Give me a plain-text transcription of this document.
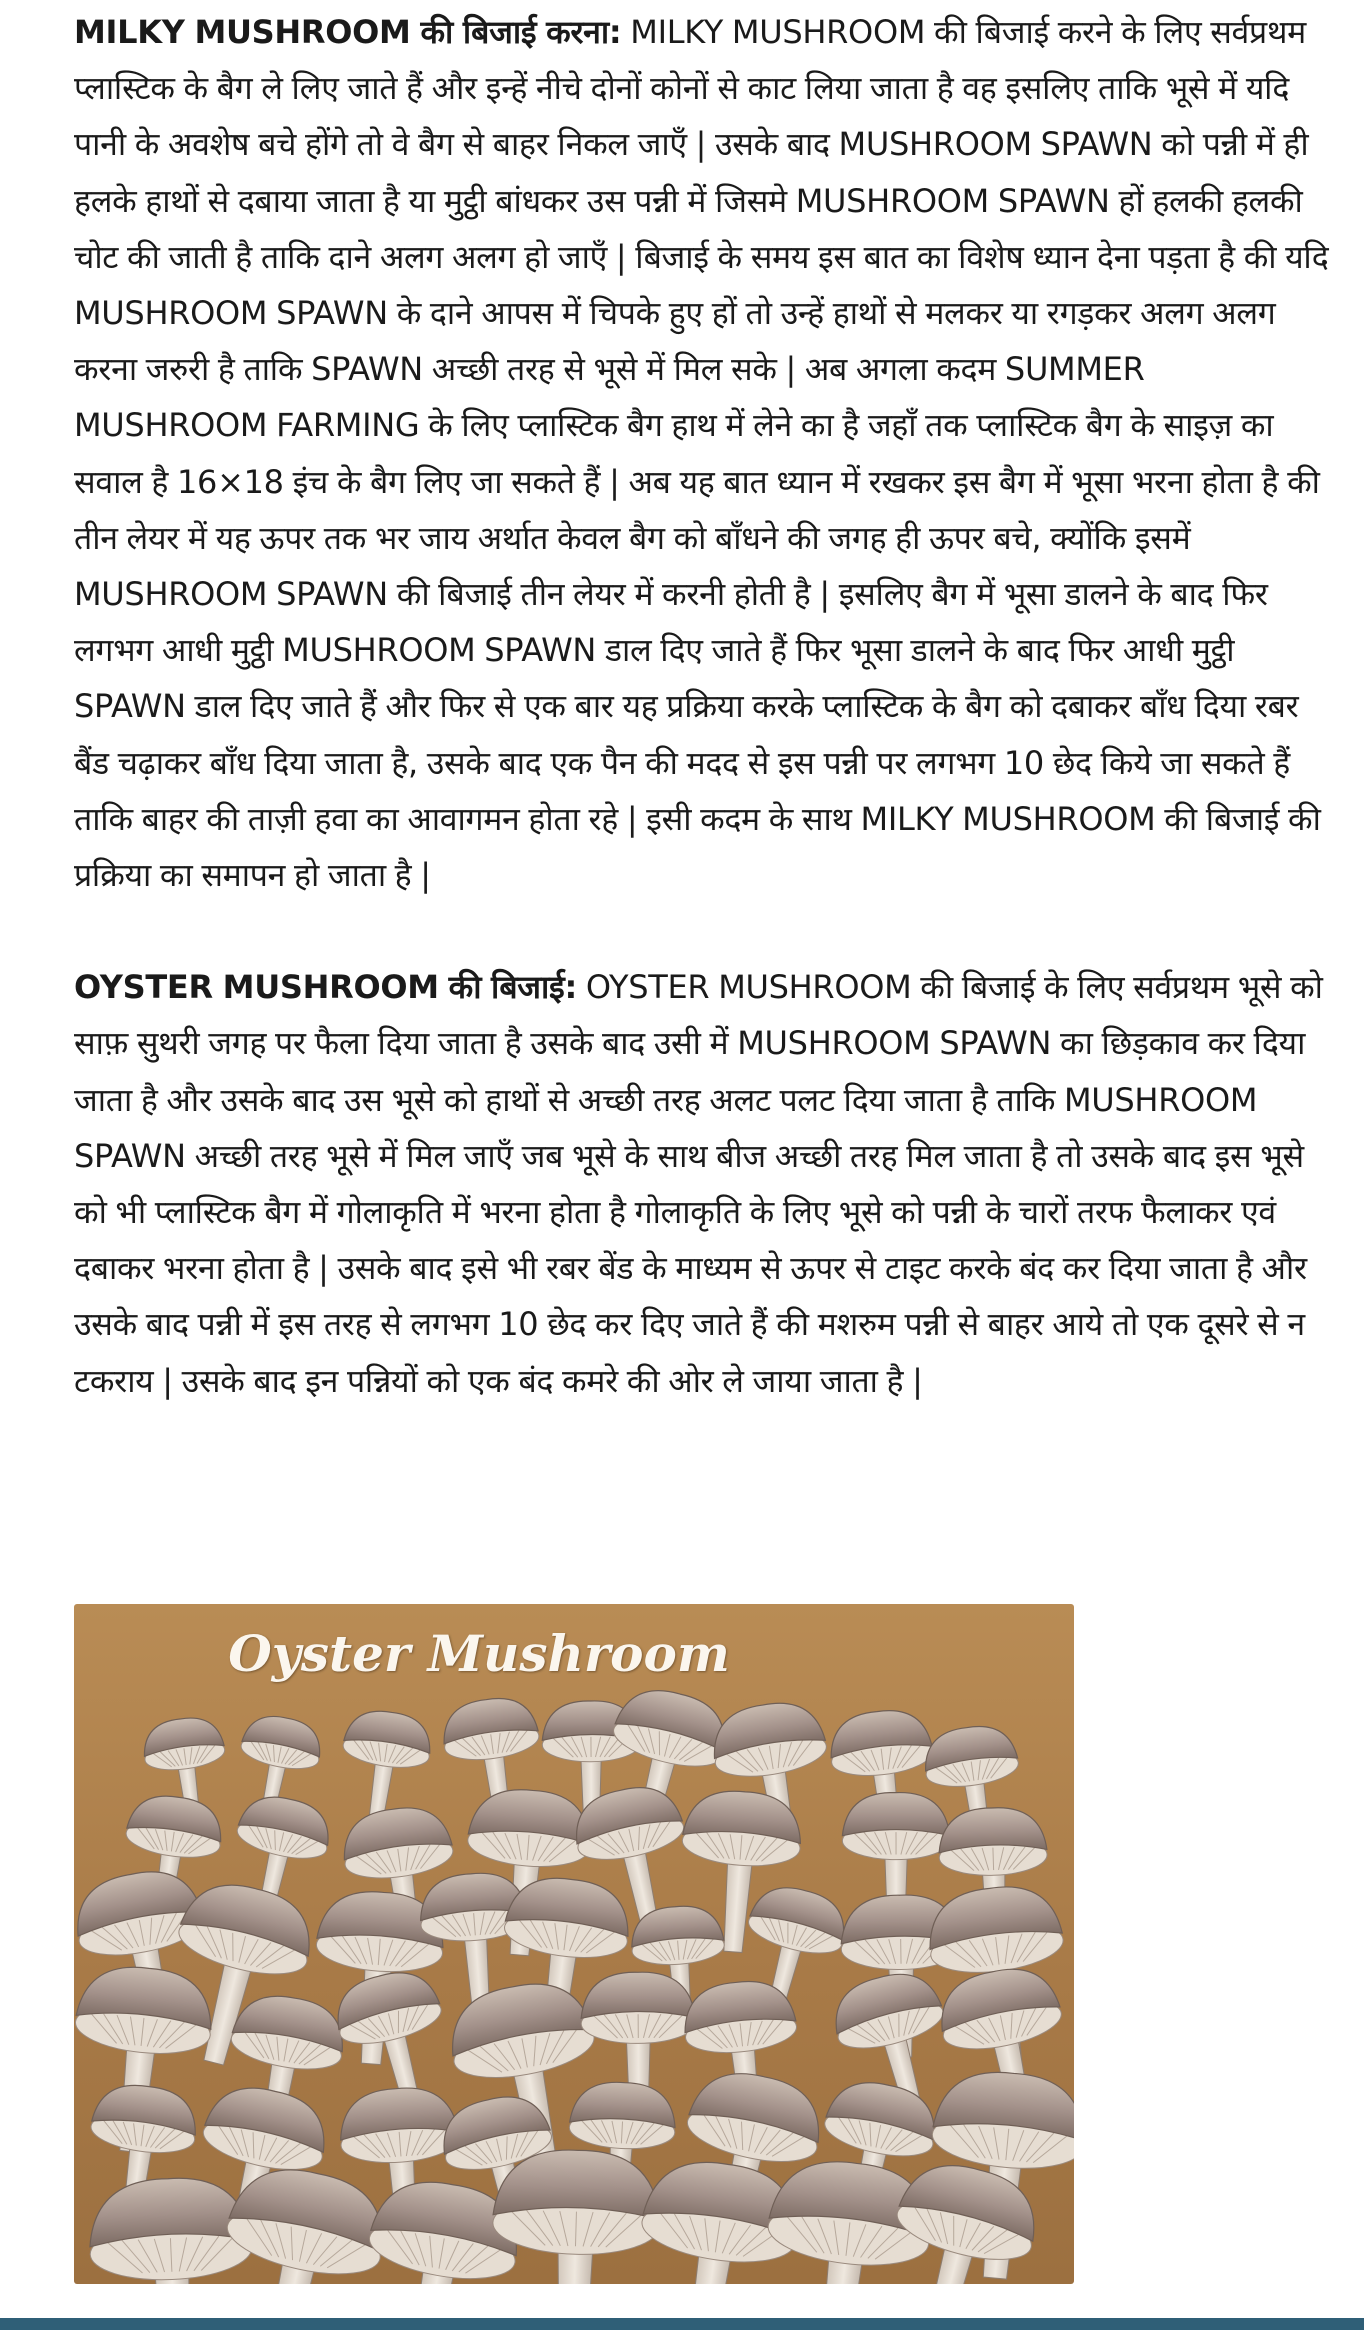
MILKY MUSHROOM की बिजाई करना: MILKY MUSHROOM की बिजाई करने के लिए सर्वप्रथम प्लास्टिक के बैग ले लिए जाते हैं और इन्हें नीचे दोनों कोनों से काट लिया जाता है वह इसलिए ताकि भूसे में यदि पानी के अवशेष बचे होंगे तो वे बैग से बाहर निकल जाएँ | उसके बाद MUSHROOM SPAWN को पन्नी में ही हलके हाथों से दबाया जाता है या मुट्ठी बांधकर उस पन्नी में जिसमे MUSHROOM SPAWN हों हलकी हलकी चोट की जाती है ताकि दाने अलग अलग हो जाएँ | बिजाई के समय इस बात का विशेष ध्यान देना पड़ता है की यदि MUSHROOM SPAWN के दाने आपस में चिपके हुए हों तो उन्हें हाथों से मलकर या रगड़कर अलग अलग करना जरुरी है ताकि SPAWN अच्छी तरह से भूसे में मिल सके | अब अगला कदम SUMMER MUSHROOM FARMING के लिए प्लास्टिक बैग हाथ में लेने का है जहाँ तक प्लास्टिक बैग के साइज़ का सवाल है 16×18 इंच के बैग लिए जा सकते हैं | अब यह बात ध्यान में रखकर इस बैग में भूसा भरना होता है की तीन लेयर में यह ऊपर तक भर जाय अर्थात केवल बैग को बाँधने की जगह ही ऊपर बचे, क्योंकि इसमें MUSHROOM SPAWN की बिजाई तीन लेयर में करनी होती है | इसलिए बैग में भूसा डालने के बाद फिर लगभग आधी मुट्ठी MUSHROOM SPAWN डाल दिए जाते हैं फिर भूसा डालने के बाद फिर आधी मुट्ठी SPAWN डाल दिए जाते हैं और फिर से एक बार यह प्रक्रिया करके प्लास्टिक के बैग को दबाकर बाँध दिया रबर बैंड चढ़ाकर बाँध दिया जाता है, उसके बाद एक पैन की मदद से इस पन्नी पर लगभग 10 छेद किये जा सकते हैं ताकि बाहर की ताज़ी हवा का आवागमन होता रहे | इसी कदम के साथ MILKY MUSHROOM की बिजाई की प्रक्रिया का समापन हो जाता है |

OYSTER MUSHROOM की बिजाई: OYSTER MUSHROOM की बिजाई के लिए सर्वप्रथम भूसे को साफ़ सुथरी जगह पर फैला दिया जाता है उसके बाद उसी में MUSHROOM SPAWN का छिड़काव कर दिया जाता है और उसके बाद उस भूसे को हाथों से अच्छी तरह अलट पलट दिया जाता है ताकि MUSHROOM SPAWN अच्छी तरह भूसे में मिल जाएँ जब भूसे के साथ बीज अच्छी तरह मिल जाता है तो उसके बाद इस भूसे को भी प्लास्टिक बैग में गोलाकृति में भरना होता है गोलाकृति के लिए भूसे को पन्नी के चारों तरफ फैलाकर एवं दबाकर भरना होता है | उसके बाद इसे भी रबर बेंड के माध्यम से ऊपर से टाइट करके बंद कर दिया जाता है और उसके बाद पन्नी में इस तरह से लगभग 10 छेद कर दिए जाते हैं की मशरुम पन्नी से बाहर आये तो एक दूसरे से न टकराय | उसके बाद इन पन्नियों को एक बंद कमरे की ओर ले जाया जाता है |

Oyster Mushroom
